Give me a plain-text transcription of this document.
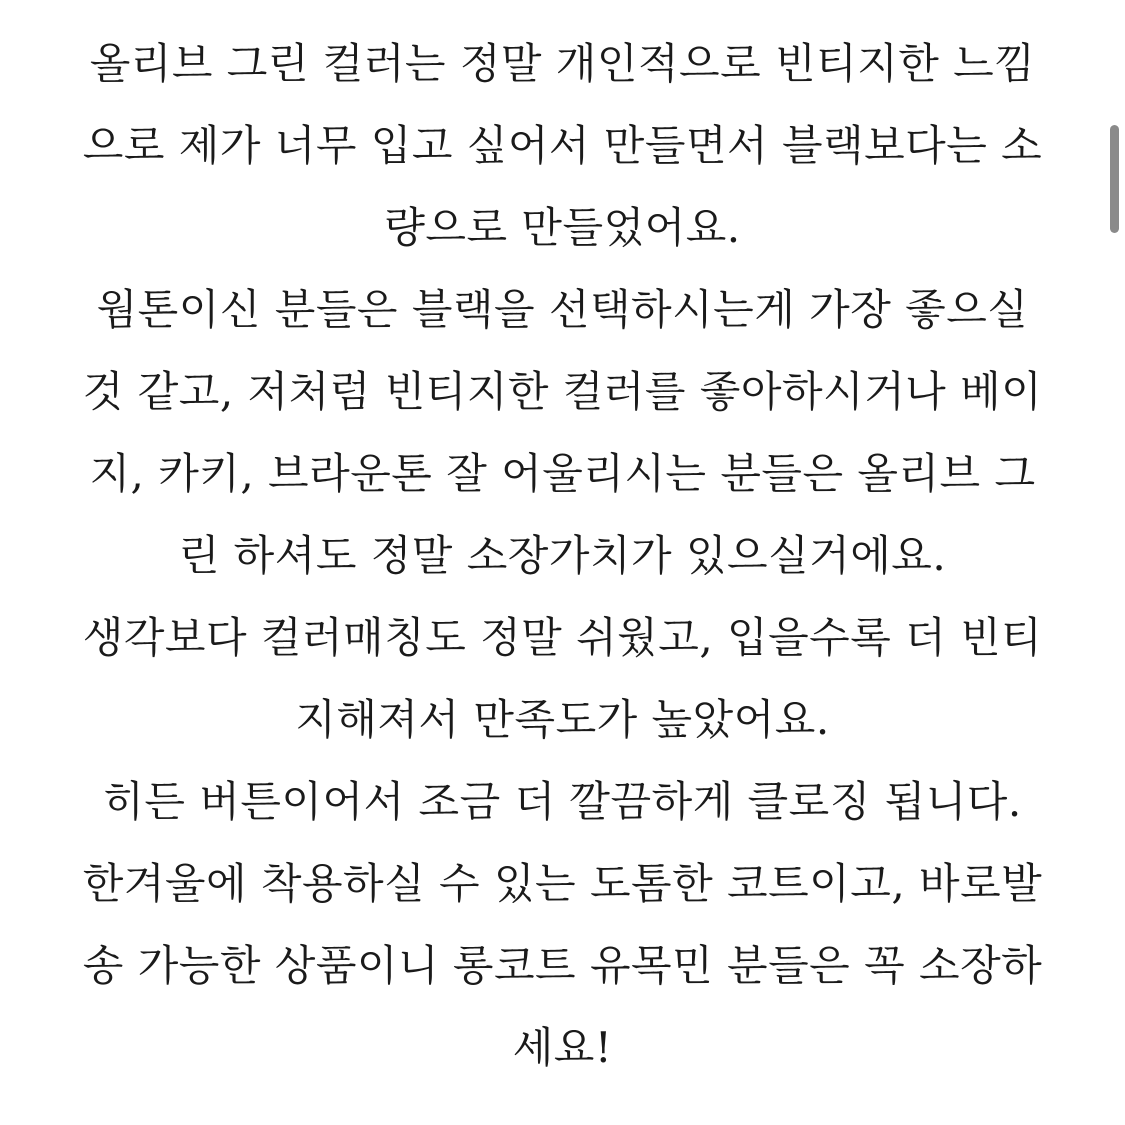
올리브 그린 컬러는 정말 개인적으로 빈티지한 느낌
으로 제가 너무 입고 싶어서 만들면서 블랙보다는 소
량으로 만들었어요.
웜톤이신 분들은 블랙을 선택하시는게 가장 좋으실
것 같고, 저처럼 빈티지한 컬러를 좋아하시거나 베이
지, 카키, 브라운톤 잘 어울리시는 분들은 올리브 그
린 하셔도 정말 소장가치가 있으실거에요.
생각보다 컬러매칭도 정말 쉬웠고, 입을수록 더 빈티
지해져서 만족도가 높았어요.
히든 버튼이어서 조금 더 깔끔하게 클로징 됩니다.
한겨울에 착용하실 수 있는 도톰한 코트이고, 바로발
송 가능한 상품이니 롱코트 유목민 분들은 꼭 소장하
세요!
